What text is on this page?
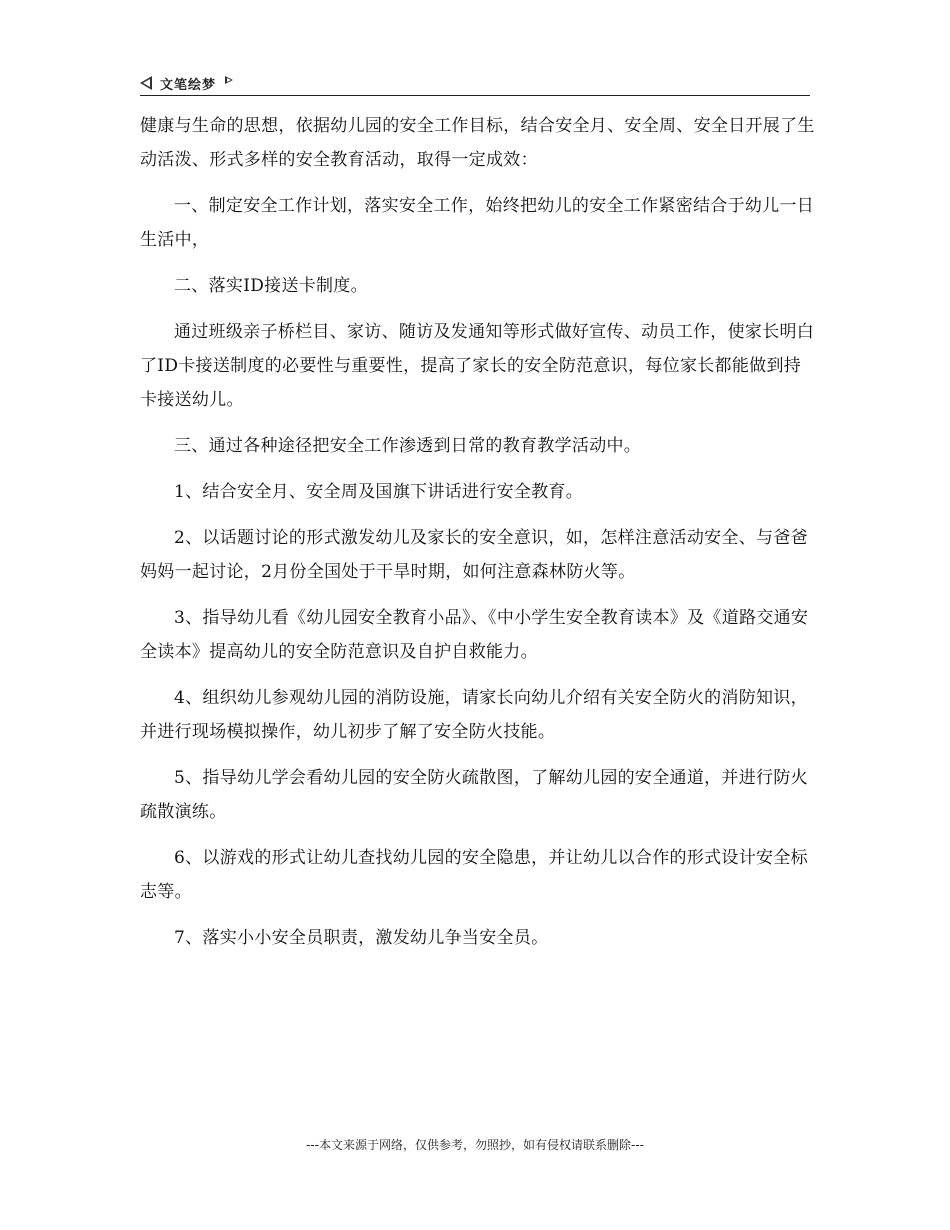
文笔绘梦

健康与生命的思想，依据幼儿园的安全工作目标，结合安全月、安全周、安全日开展了生动活泼、形式多样的安全教育活动，取得一定成效：

一、制定安全工作计划，落实安全工作，始终把幼儿的安全工作紧密结合于幼儿一日生活中，

二、落实ID接送卡制度。

通过班级亲子桥栏目、家访、随访及发通知等形式做好宣传、动员工作，使家长明白了ID卡接送制度的必要性与重要性，提高了家长的安全防范意识，每位家长都能做到持卡接送幼儿。

三、通过各种途径把安全工作渗透到日常的教育教学活动中。

1、结合安全月、安全周及国旗下讲话进行安全教育。

2、以话题讨论的形式激发幼儿及家长的安全意识，如，怎样注意活动安全、与爸爸妈妈一起讨论，2月份全国处于干旱时期，如何注意森林防火等。

3、指导幼儿看《幼儿园安全教育小品》、《中小学生安全教育读本》及《道路交通安全读本》提高幼儿的安全防范意识及自护自救能力。

4、组织幼儿参观幼儿园的消防设施，请家长向幼儿介绍有关安全防火的消防知识，并进行现场模拟操作，幼儿初步了解了安全防火技能。

5、指导幼儿学会看幼儿园的安全防火疏散图，了解幼儿园的安全通道，并进行防火疏散演练。

6、以游戏的形式让幼儿查找幼儿园的安全隐患，并让幼儿以合作的形式设计安全标志等。

7、落实小小安全员职责，激发幼儿争当安全员。

---本文来源于网络，仅供参考，勿照抄，如有侵权请联系删除---
